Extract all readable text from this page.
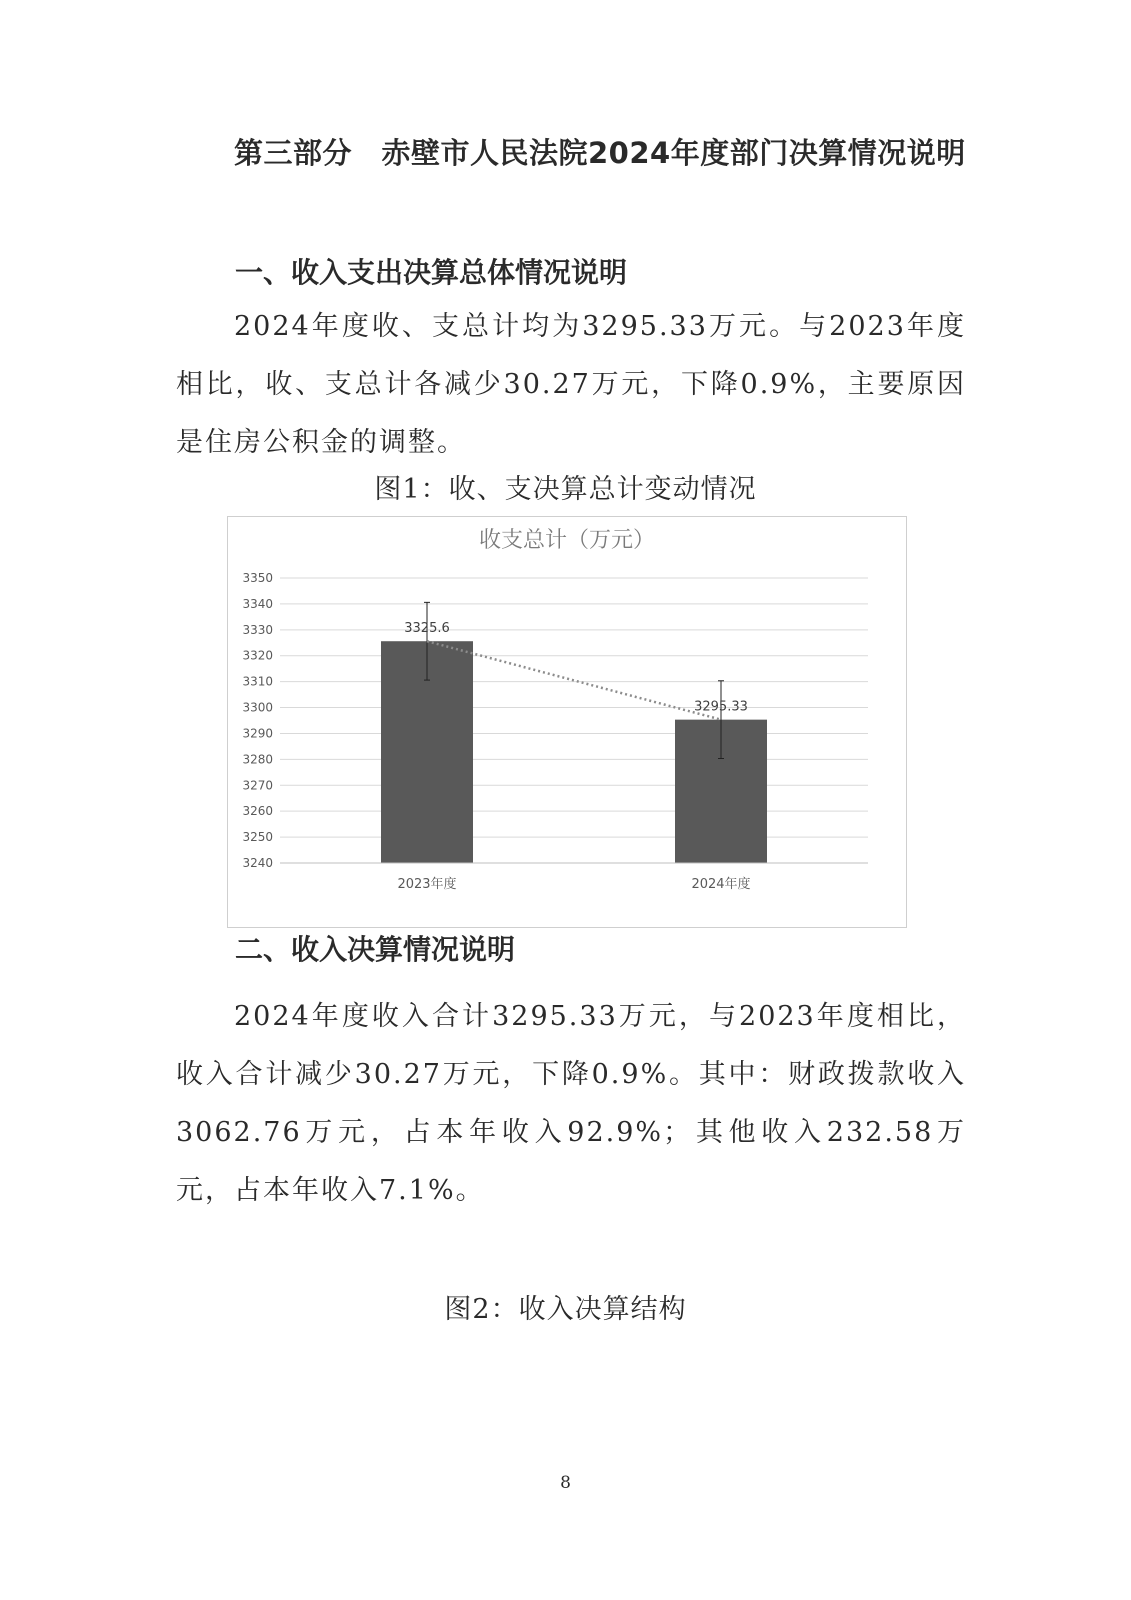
第三部分　赤壁市人民法院2024年度部门决算情况说明
一、收入支出决算总体情况说明
2024年度收、支总计均为3295.33万元。与2023年度相比，收、支总计各减少30.27万元，下降0.9%，主要原因是住房公积金的调整。
图1：收、支决算总计变动情况
收支总计（万元）
3240
3250
3260
3270
3280
3290
3300
3310
3320
3330
3340
3350
3325.6
2023年度
3295.33
2024年度
二、收入决算情况说明
2024年度收入合计3295.33万元，与2023年度相比，收入合计减少30.27万元，下降0.9%。其中：财政拨款收入3062.76万元，占本年收入92.9%；其他收入232.58万元，占本年收入7.1%。
图2：收入决算结构
8
